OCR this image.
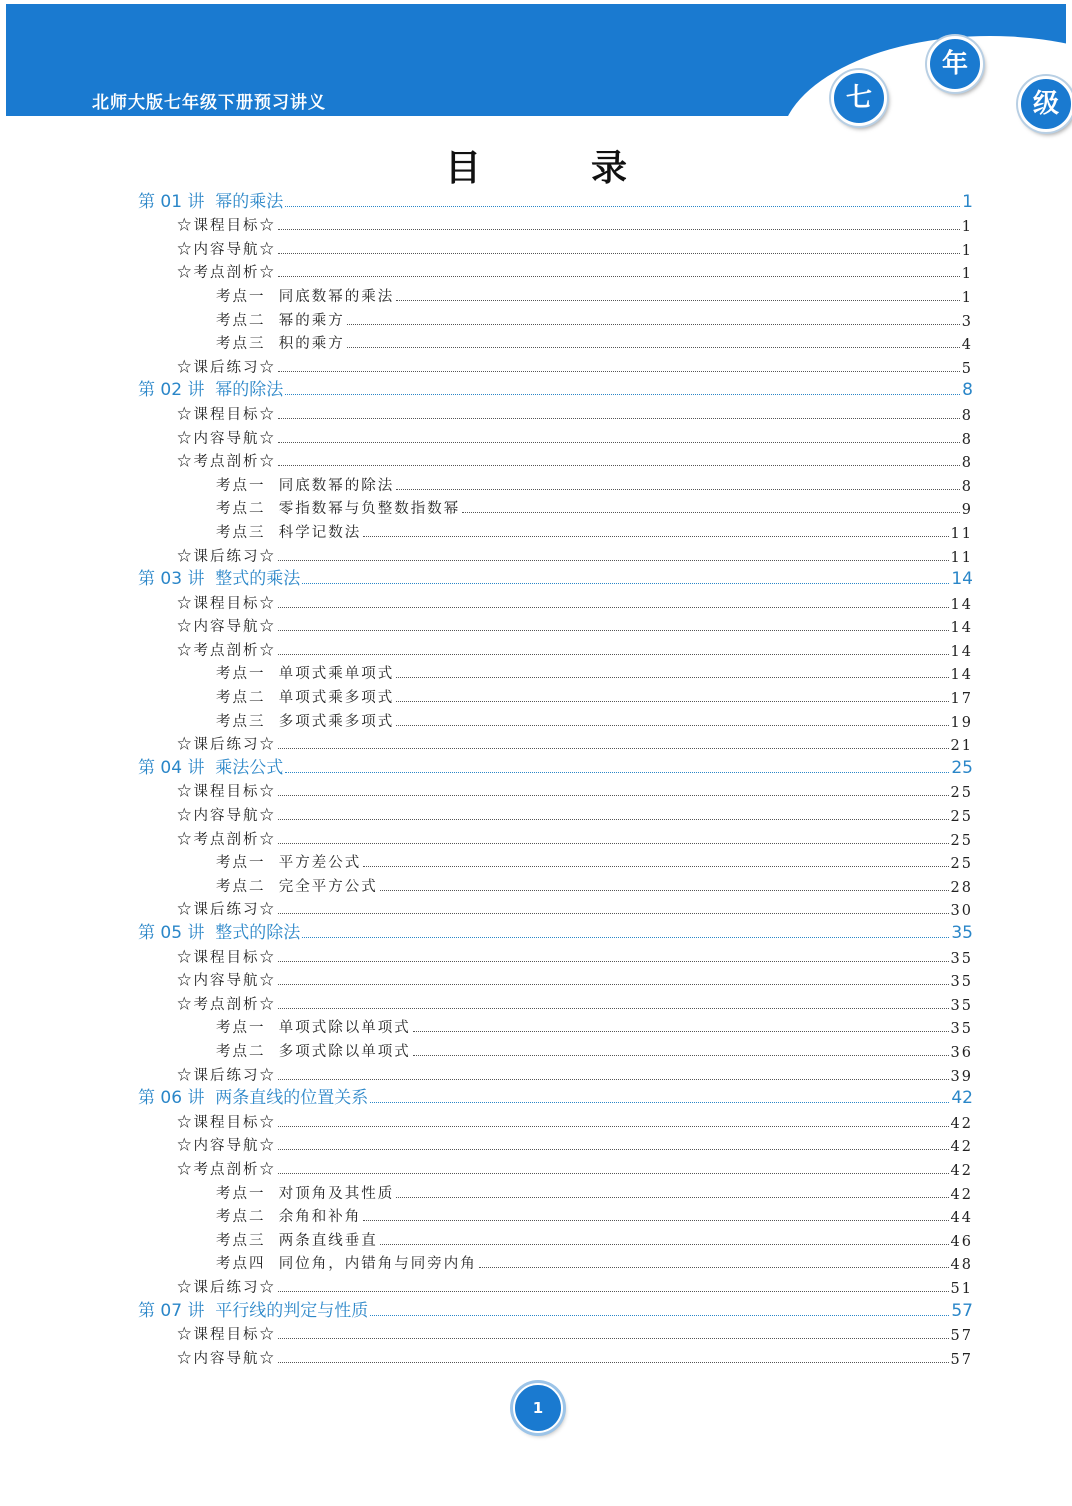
北师大版七年级下册预习讲义	七
年
级
目录
第 01 讲  幂的乘法	1
☆课程目标☆	1
☆内容导航☆	1
☆考点剖析☆	1
考点一  同底数幂的乘法	1
考点二  幂的乘方	3
考点三  积的乘方	4
☆课后练习☆	5
第 02 讲  幂的除法	8
☆课程目标☆	8
☆内容导航☆	8
☆考点剖析☆	8
考点一  同底数幂的除法	8
考点二  零指数幂与负整数指数幂	9
考点三  科学记数法	11
☆课后练习☆	11
第 03 讲  整式的乘法	14
☆课程目标☆	14
☆内容导航☆	14
☆考点剖析☆	14
考点一  单项式乘单项式	14
考点二  单项式乘多项式	17
考点三  多项式乘多项式	19
☆课后练习☆	21
第 04 讲  乘法公式	25
☆课程目标☆	25
☆内容导航☆	25
☆考点剖析☆	25
考点一  平方差公式	25
考点二  完全平方公式	28
☆课后练习☆	30
第 05 讲  整式的除法	35
☆课程目标☆	35
☆内容导航☆	35
☆考点剖析☆	35
考点一  单项式除以单项式	35
考点二  多项式除以单项式	36
☆课后练习☆	39
第 06 讲  两条直线的位置关系	42
☆课程目标☆	42
☆内容导航☆	42
☆考点剖析☆	42
考点一  对顶角及其性质	42
考点二  余角和补角	44
考点三  两条直线垂直	46
考点四  同位角，内错角与同旁内角	48
☆课后练习☆	51
第 07 讲  平行线的判定与性质	57
☆课程目标☆	57
☆内容导航☆	57
1
